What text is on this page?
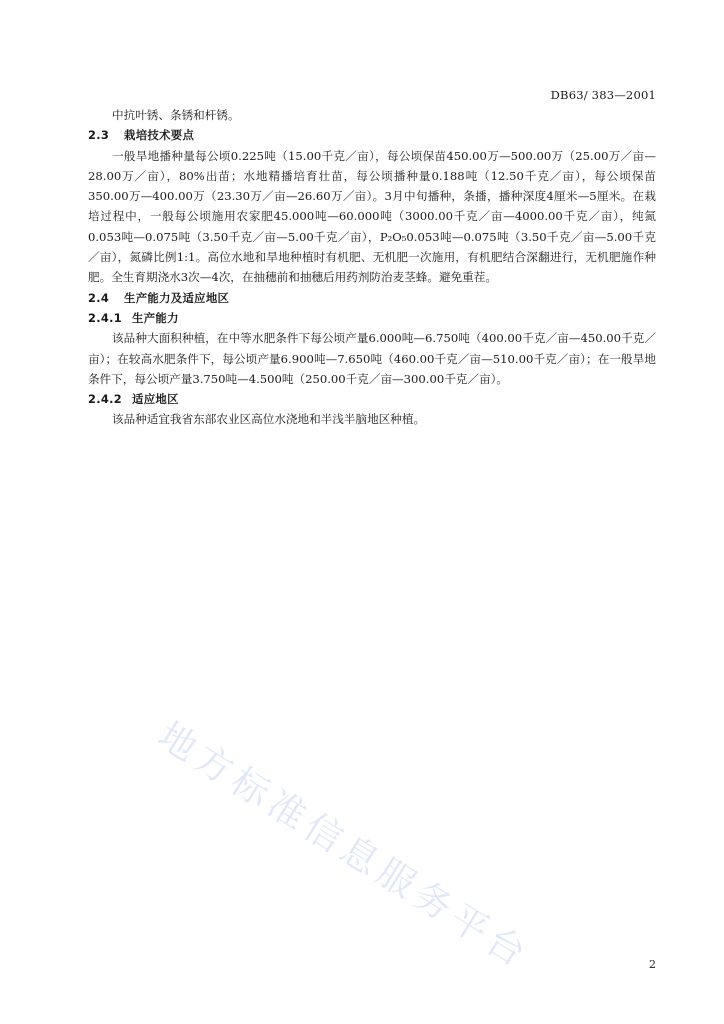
DB63/ 383—2001

中抗叶锈、条锈和杆锈。

2.3 栽培技术要点

一般旱地播种量每公顷0.225吨（15.00千克／亩），每公顷保苗450.00万—500.00万（25.00万／亩—28.00万／亩），80%出苗；水地精播培育壮苗，每公顷播种量0.188吨（12.50千克／亩），每公顷保苗350.00万—400.00万（23.30万／亩—26.60万／亩）。3月中旬播种，条播，播种深度4厘米—5厘米。在栽培过程中，一般每公顷施用农家肥45.000吨—60.000吨（3000.00千克／亩—4000.00千克／亩），纯氮0.053吨—0.075吨（3.50千克／亩—5.00千克／亩），P₂O₅0.053吨—0.075吨（3.50千克／亩—5.00千克／亩），氮磷比例1:1。高位水地和旱地种植时有机肥、无机肥一次施用，有机肥结合深翻进行，无机肥施作种肥。全生育期浇水3次—4次，在抽穗前和抽穗后用药剂防治麦茎蜂。避免重茬。

2.4 生产能力及适应地区

2.4.1 生产能力

该品种大面积种植，在中等水肥条件下每公顷产量6.000吨—6.750吨（400.00千克／亩—450.00千克／亩）；在较高水肥条件下，每公顷产量6.900吨—7.650吨（460.00千克／亩—510.00千克／亩）；在一般旱地条件下，每公顷产量3.750吨—4.500吨（250.00千克／亩—300.00千克／亩）。

2.4.2 适应地区

该品种适宜我省东部农业区高位水浇地和半浅半脑地区种植。

地方标准信息服务平台	2
